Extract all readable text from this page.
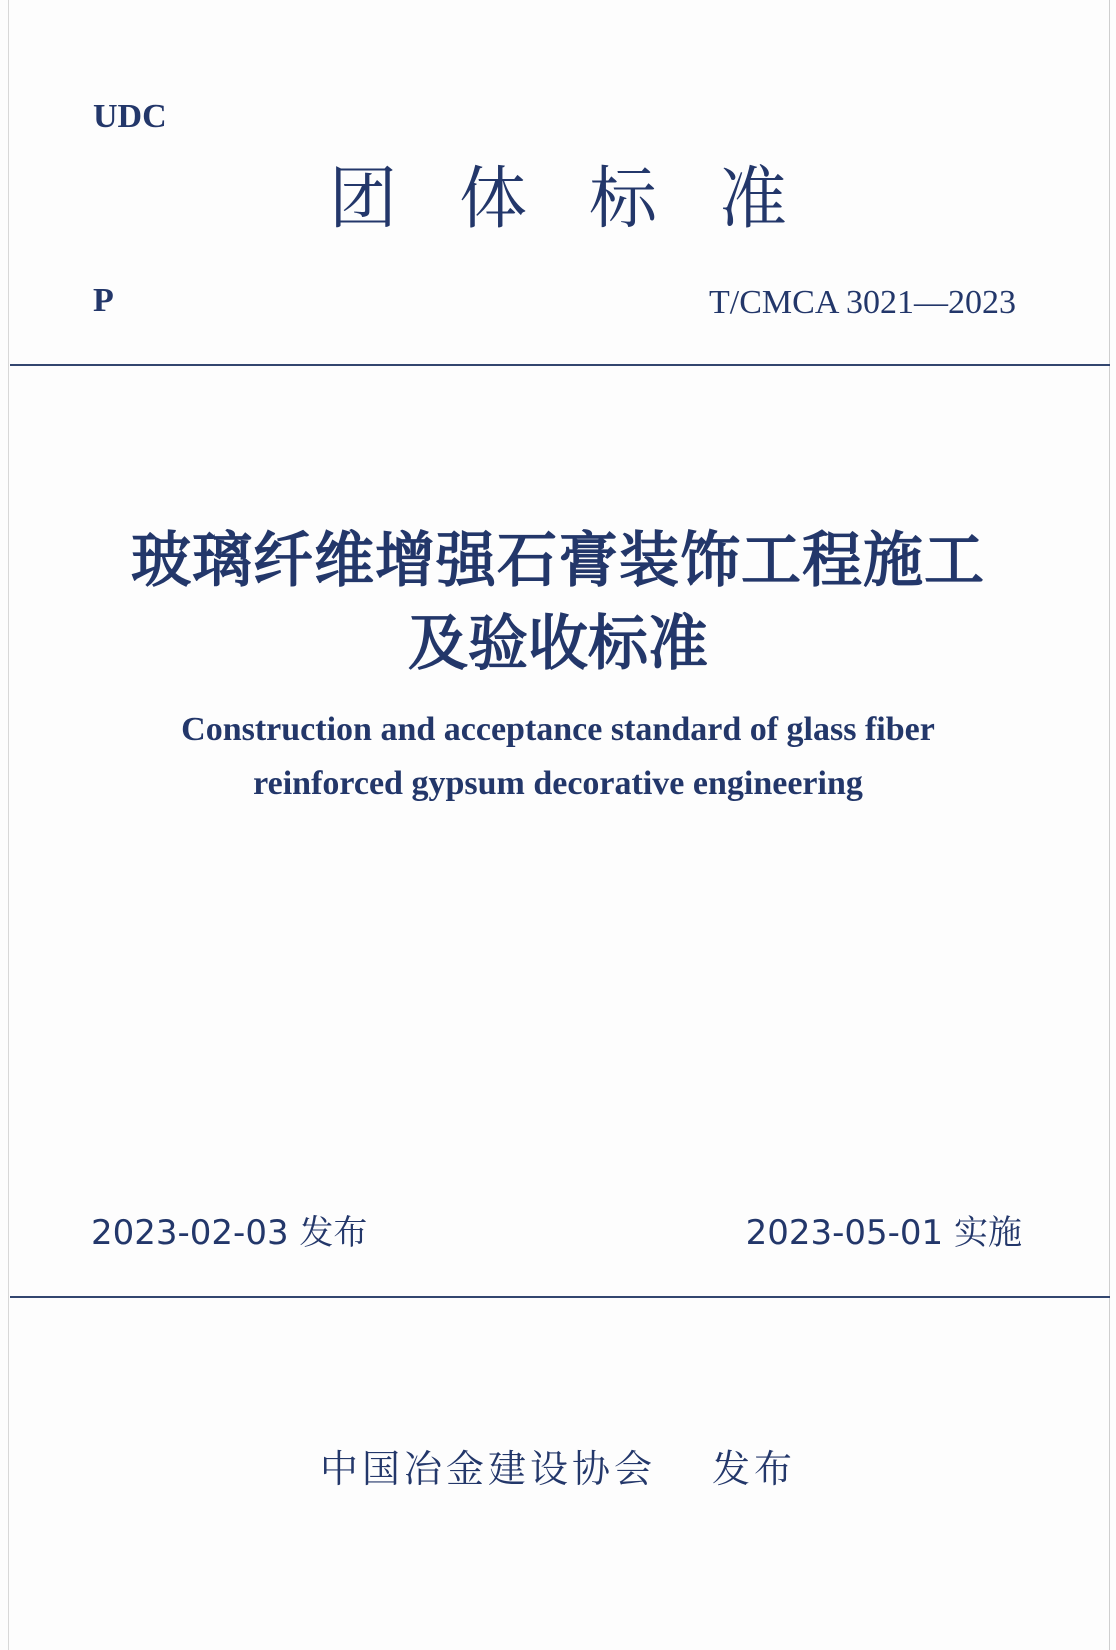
UDC
团体标准
P	T/CMCA 3021—2023
玻璃纤维增强石膏装饰工程施工
及验收标准
Construction and acceptance standard of glass fiber
reinforced gypsum decorative engineering
2023-02-03 发布	2023-05-01 实施
中国冶金建设协会 发布
